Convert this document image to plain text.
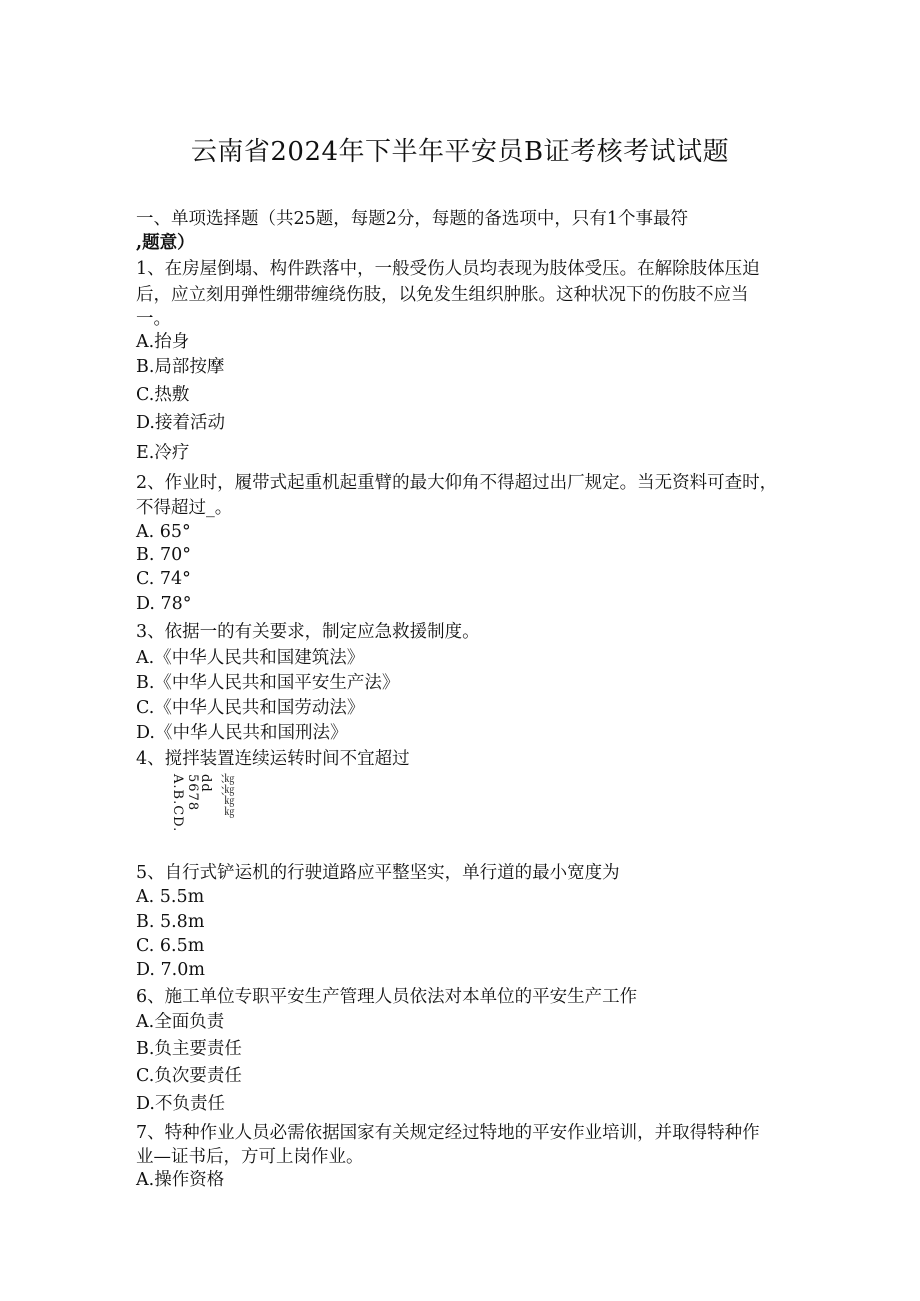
云南省2024年下半年平安员B证考核考试试题
一、单项选择题（共25题，每题2分，每题的备选项中，只有1个事最符
,题意）
1、在房屋倒塌、构件跌落中，一般受伤人员均表现为肢体受压。在解除肢体压迫
后，应立刻用弹性绷带缠绕伤肢，以免发生组织肿胀。这种状况下的伤肢不应当
一。
A.抬身
B.局部按摩
C.热敷
D.接着活动
E.冷疗
2、作业时，履带式起重机起重臂的最大仰角不得超过出厂规定。当无资料可查时，
不得超过_。
A. 65°
B. 70°
C. 74°
D. 78°
3、依据一的有关要求，制定应急救援制度。
A.《中华人民共和国建筑法》
B.《中华人民共和国平安生产法》
C.《中华人民共和国劳动法》
D.《中华人民共和国刑法》
4、搅拌装置连续运转时间不宜超过
A.B.CD. 5678
dd 、、、、 ㎏㎏㎏㎏
5、自行式铲运机的行驶道路应平整坚实，单行道的最小宽度为
A. 5.5m
B. 5.8m
C. 6.5m
D. 7.0m
6、施工单位专职平安生产管理人员依法对本单位的平安生产工作
A.全面负责
B.负主要责任
C.负次要责任
D.不负责任
7、特种作业人员必需依据国家有关规定经过特地的平安作业培训，并取得特种作
业—证书后，方可上岗作业。
A.操作资格
